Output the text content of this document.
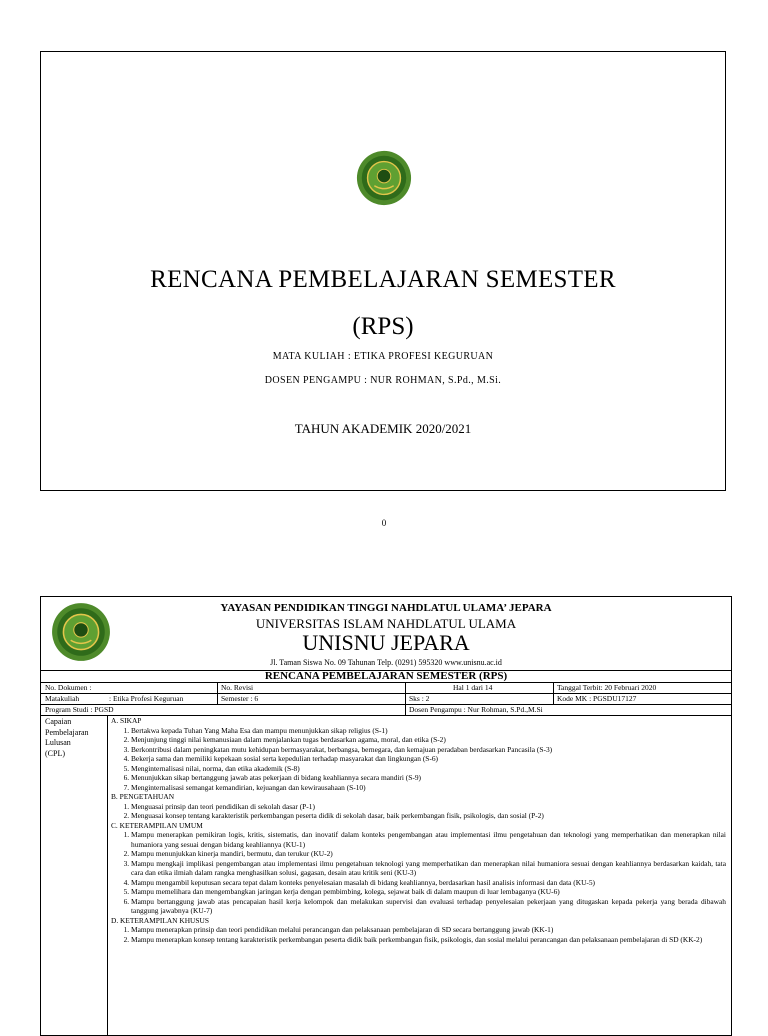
RENCANA PEMBELAJARAN SEMESTER
(RPS)
MATA KULIAH : ETIKA PROFESI KEGURUAN
DOSEN PENGAMPU : NUR ROHMAN, S.Pd., M.Si.
TAHUN AKADEMIK 2020/2021
0
YAYASAN PENDIDIKAN TINGGI NAHDLATUL ULAMA’ JEPARA
UNIVERSITAS ISLAM NAHDLATUL ULAMA
UNISNU JEPARA
Jl. Taman Siswa No. 09 Tahunan Telp. (0291) 595320 www.unisnu.ac.id
RENCANA PEMBELAJARAN SEMESTER (RPS)
No. Dokumen :	No. Revisi	Hal 1 dari 14	Tanggal Terbit: 20 Februari 2020
Matakuliah	: Etika Profesi Keguruan	Semester : 6	Sks : 2	Kode MK : PGSDU17127
Program Studi : PGSD	Dosen Pengampu : Nur Rohman, S.Pd.,M.Si
Capaian
Pembelajaran
Lulusan
(CPL)
A. SIKAP
1. Bertakwa kepada Tuhan Yang Maha Esa dan mampu menunjukkan sikap religius (S-1)
2. Menjunjung tinggi nilai kemanusiaan dalam menjalankan tugas berdasarkan agama, moral, dan etika (S-2)
3. Berkontribusi dalam peningkatan mutu kehidupan bermasyarakat, berbangsa, bernegara, dan kemajuan peradaban berdasarkan Pancasila (S-3)
4. Bekerja sama dan memiliki kepekaan sosial serta kepedulian terhadap masyarakat dan lingkungan (S-6)
5. Menginternalisasi nilai, norma, dan etika akademik (S-8)
6. Menunjukkan sikap bertanggung jawab atas pekerjaan di bidang keahliannya secara mandiri (S-9)
7. Menginternalisasi semangat kemandirian, kejuangan dan kewirausahaan (S-10)
B. PENGETAHUAN
1. Menguasai prinsip dan teori pendidikan di sekolah dasar (P-1)
2. Menguasai konsep tentang karakteristik perkembangan peserta didik di sekolah dasar, baik perkembangan fisik, psikologis, dan sosial (P-2)
C. KETERAMPILAN UMUM
1. Mampu menerapkan pemikiran logis, kritis, sistematis, dan inovatif dalam konteks pengembangan atau implementasi ilmu pengetahuan dan teknologi yang memperhatikan dan menerapkan nilai humaniora yang sesuai dengan bidang keahliannya (KU-1)
2. Mampu menunjukkan kinerja mandiri, bermutu, dan terukur (KU-2)
3. Mampu mengkaji implikasi pengembangan atau implementasi ilmu pengetahuan teknologi yang memperhatikan dan menerapkan nilai humaniora sesuai dengan keahliannya berdasarkan kaidah, tata cara dan etika ilmiah dalam rangka menghasilkan solusi, gagasan, desain atau kritik seni (KU-3)
4. Mampu mengambil keputusan secara tepat dalam konteks penyelesaian masalah di bidang keahliannya, berdasarkan hasil analisis informasi dan data (KU-5)
5. Mampu memelihara dan mengembangkan jaringan kerja dengan pembimbing, kolega, sejawat baik di dalam maupun di luar lembaganya (KU-6)
6. Mampu bertanggung jawab atas pencapaian hasil kerja kelompok dan melakukan supervisi dan evaluasi terhadap penyelesaian pekerjaan yang ditugaskan kepada pekerja yang berada dibawah tanggung jawabnya (KU-7)
D. KETERAMPILAN KHUSUS
1. Mampu menerapkan prinsip dan teori pendidikan melalui perancangan dan pelaksanaan pembelajaran di SD secara bertanggung jawab (KK-1)
2. Mampu menerapkan konsep tentang karakteristik perkembangan peserta didik baik perkembangan fisik, psikologis, dan sosial melalui perancangan dan pelaksanaan pembelajaran di SD (KK-2)
